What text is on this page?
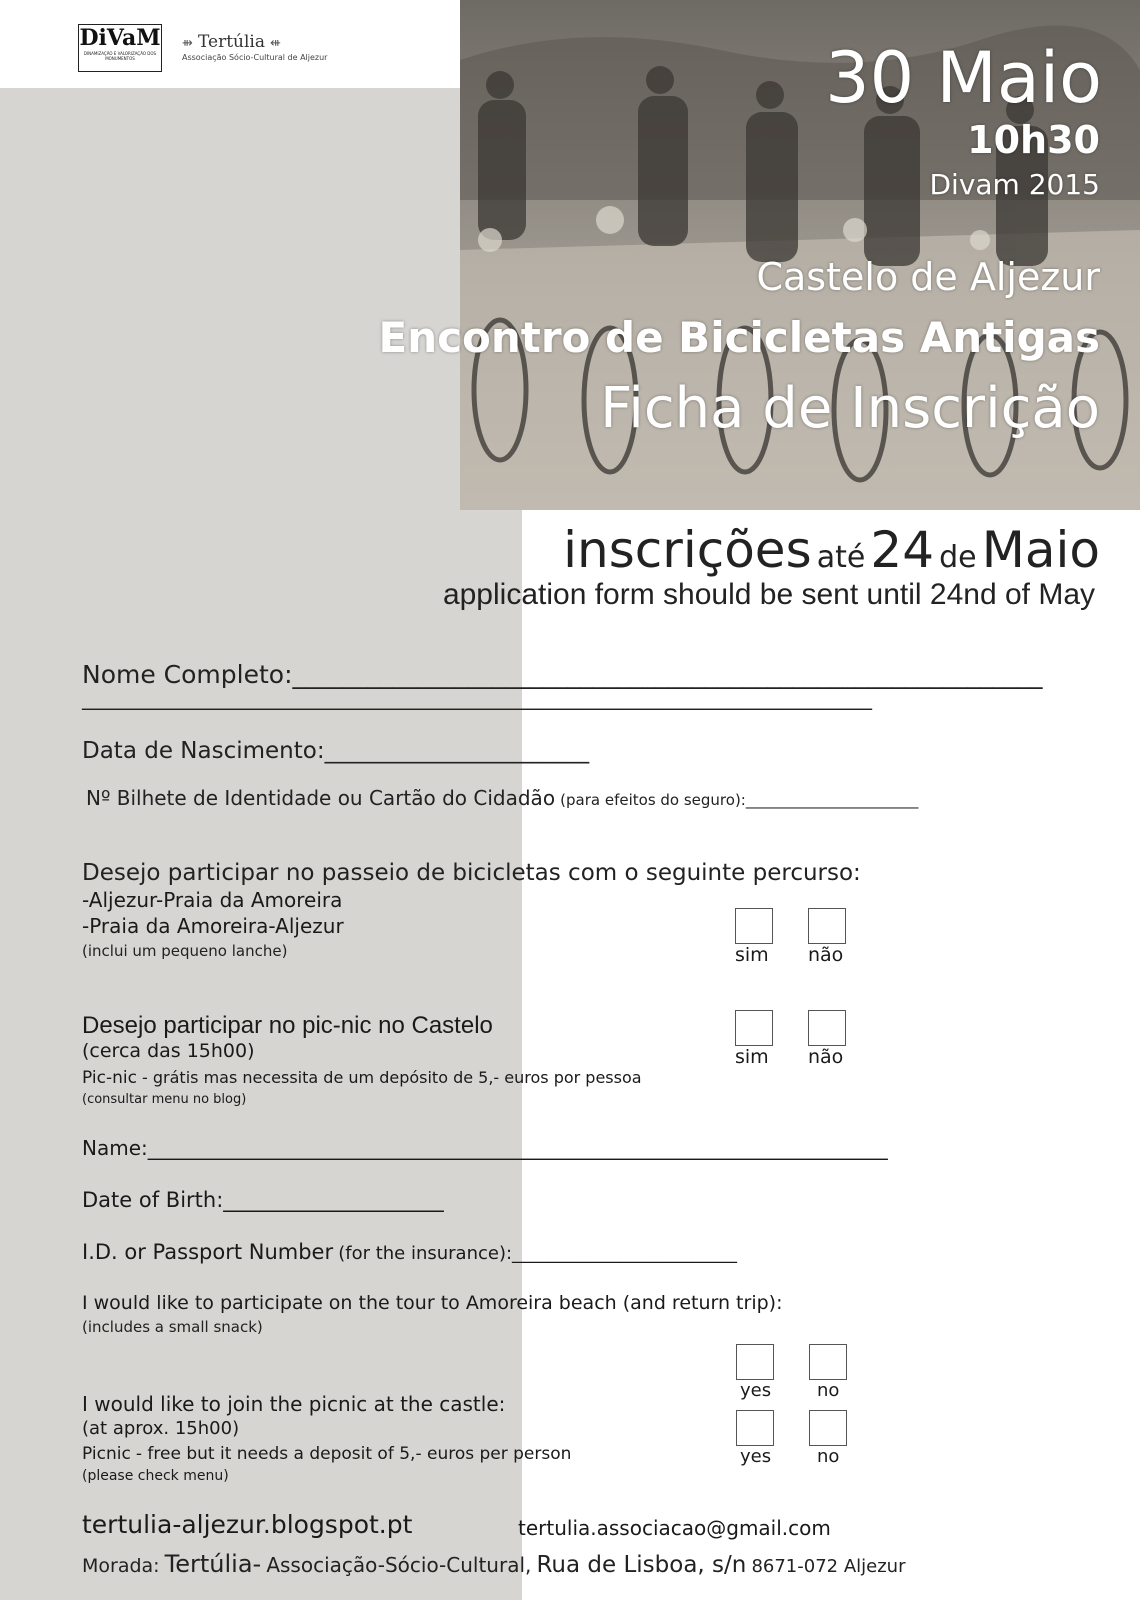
DiVaM
DINAMIZAÇÃO E VALORIZAÇÃO DOS MONUMENTOS
⇻ Tertúlia ⇺
Associação Sócio-Cultural de Aljezur	30 Maio
10h30
Divam 2015
Castelo de Aljezur
Encontro de Bicicletas Antigas
Ficha de Inscrição
inscrições até 24 de Maio
application form should be sent until 24nd of May
Nome Completo:____________________________________________________________
_______________________________________________________________________________
Data de Nascimento:_______________________
Nº Bilhete de Identidade ou Cartão do Cidadão (para efeitos do seguro):_______________________
Desejo participar no passeio de bicicletas com o seguinte percurso:
-Aljezur-Praia da Amoreira
-Praia da Amoreira-Aljezur
(inclui um pequeno lanche)	sim não
Desejo participar no pic-nic no Castelo
(cerca das 15h00)
Pic-nic - grátis mas necessita de um depósito de 5,- euros por pessoa
(consultar menu no blog)
sim não
Name:__________________________________________________________________________
Date of Birth:_____________________
I.D. or Passport Number (for the insurance):_________________________
I would like to participate on the tour to Amoreira beach (and return trip):
(includes a small snack)
yes	no
I would like to join the picnic at the castle:
(at aprox. 15h00)
Picnic - free but it needs a deposit of 5,- euros per person
(please check menu)
yes	no
tertulia-aljezur.blogspot.pt	tertulia.associacao@gmail.com
Morada: Tertúlia- Associação-Sócio-Cultural, Rua de Lisboa, s/n 8671-072 Aljezur
